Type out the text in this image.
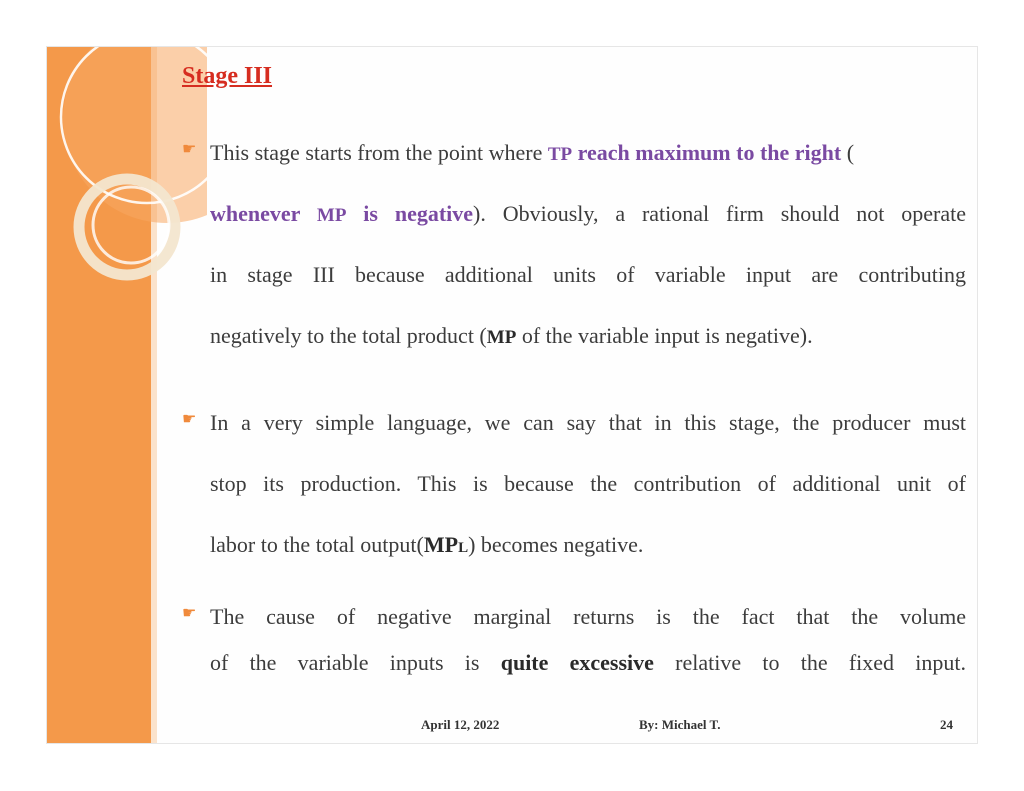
Stage III
☛ This stage starts from the point where TP reach maximum to the right (
whenever MP is negative). Obviously, a rational firm should not operate
in stage III because additional units of variable input are contributing
negatively to the total product (MP of the variable input is negative).
☛ In a very simple language, we can say that in this stage, the producer must
stop its production. This is because the contribution of additional unit of
labor to the total output(MPL) becomes negative.
☛ The cause of negative marginal returns is the fact that the volume
of the variable inputs is quite excessive relative to the fixed input.
April 12, 2022	By: Michael T.	24
